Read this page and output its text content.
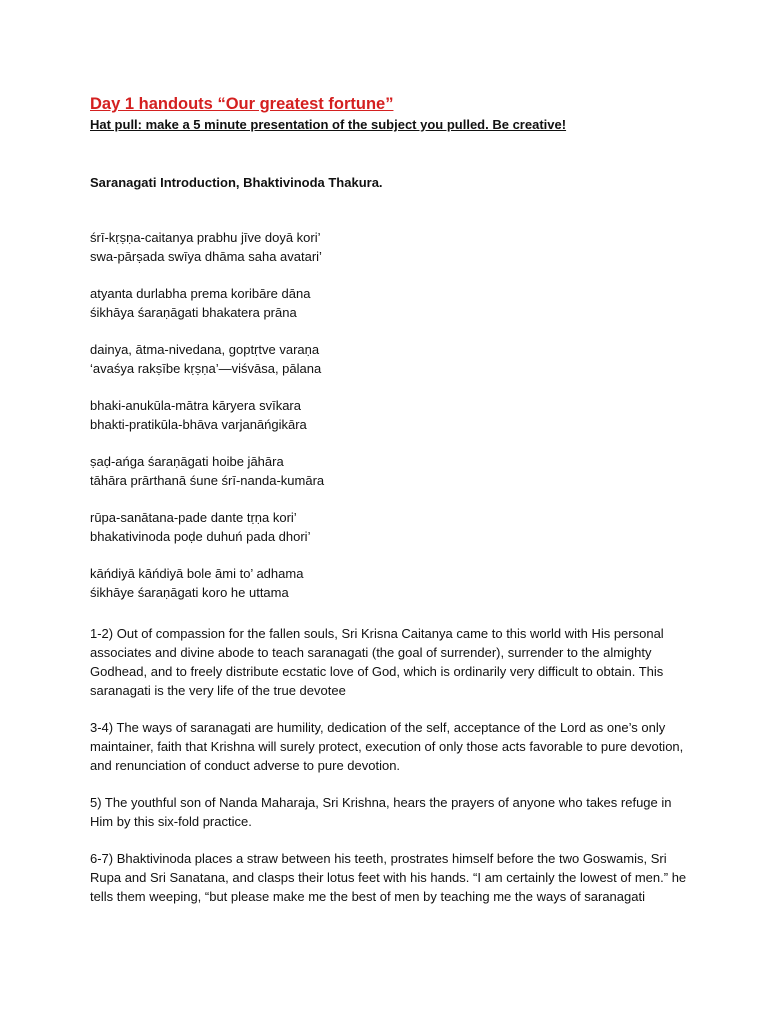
Day 1 handouts “Our greatest fortune”

Hat pull: make a 5 minute presentation of the subject you pulled. Be creative!

Saranagati Introduction, Bhaktivinoda Thakura.

śrī-kṛṣṇa-caitanya prabhu jīve doyā kori’
swa-pārṣada swīya dhāma saha avatari’
atyanta durlabha prema koribāre dāna
śikhāya śaraṇāgati bhakatera prāna
dainya, ātma-nivedana, goptṛtve varaṇa
‘avaśya rakṣībe kṛṣṇa’—viśvāsa, pālana
bhaki-anukūla-mātra kāryera svīkara
bhakti-pratikūla-bhāva varjanāńgikāra
ṣaḍ-ańga śaraṇāgati hoibe jāhāra
tāhāra prārthanā śune śrī-nanda-kumāra
rūpa-sanātana-pade dante tṛṇa kori’
bhakativinoda poḍe duhuń pada dhori’
kāńdiyā kāńdiyā bole āmi to’ adhama
śikhāye śaraṇāgati koro he uttama

1-2) Out of compassion for the fallen souls, Sri Krisna Caitanya came to this world with His personal associates and divine abode to teach saranagati (the goal of surrender), surrender to the almighty Godhead, and to freely distribute ecstatic love of God, which is ordinarily very difficult to obtain. This saranagati is the very life of the true devotee

3-4) The ways of saranagati are humility, dedication of the self, acceptance of the Lord as one’s only maintainer, faith that Krishna will surely protect, execution of only those acts favorable to pure devotion, and renunciation of conduct adverse to pure devotion.

5) The youthful son of Nanda Maharaja, Sri Krishna, hears the prayers of anyone who takes refuge in Him by this six-fold practice.

6-7) Bhaktivinoda places a straw between his teeth, prostrates himself before the two Goswamis, Sri Rupa and Sri Sanatana, and clasps their lotus feet with his hands. “I am certainly the lowest of men.” he tells them weeping, “but please make me the best of men by teaching me the ways of saranagati
